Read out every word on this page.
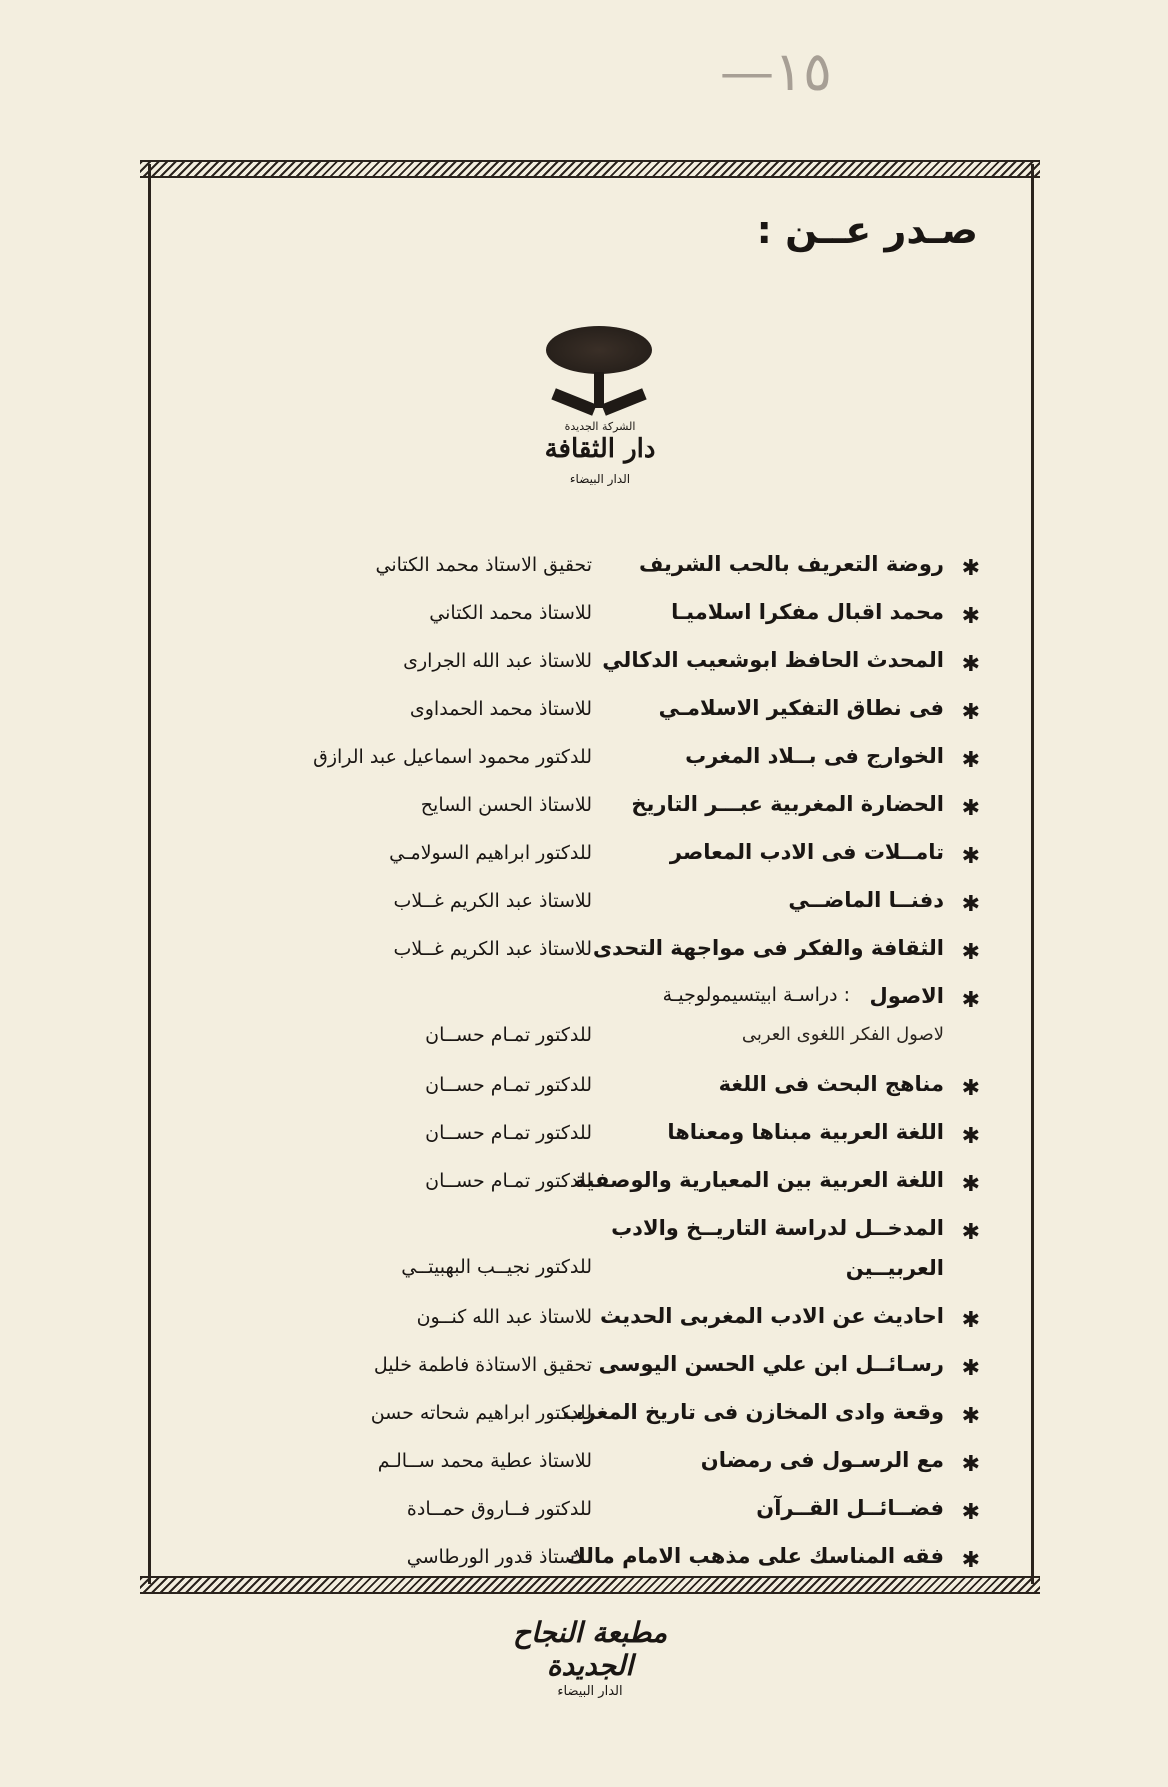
—١٥
صـدر عــن :
الشركة الجديدة
دار الثقافة
الدار البيضاء
✱
روضة التعريف بالحب الشريف
تحقيق الاستاذ محمد الكتاني
✱
محمد اقبال مفكرا اسلاميـا
للاستاذ محمد الكتاني
✱
المحدث الحافظ ابوشعيب الدكالي
للاستاذ عبد الله الجرارى
✱
فى نطاق التفكير الاسلامـي
للاستاذ محمد الحمداوى
✱
الخوارج فى بــلاد المغرب
للدكتور محمود اسماعيل عبد الرازق
✱
الحضارة المغربية عبـــر التاريخ
للاستاذ الحسن السايح
✱
تامــلات فى الادب المعاصر
للدكتور ابراهيم السولامـي
✱
دفنــا الماضــي
للاستاذ عبد الكريم غــلاب
✱
الثقافة والفكر فى مواجهة التحدى
للاستاذ عبد الكريم غــلاب
✱
الاصول
: دراسـة ابيتسيمولوجيـة
لاصول الفكر اللغوى العربى
للدكتور تمـام حســان
✱
مناهج البحث فى اللغة
للدكتور تمـام حســان
✱
اللغة العربية مبناها ومعناها
للدكتور تمـام حســان
✱
اللغة العربية بين المعيارية والوصفية
للدكتور تمـام حســان
✱
المدخــل لدراسة التاريــخ والادب
العربيــين
للدكتور نجيــب البهبيتــي
✱
احاديث عن الادب المغربى الحديث
للاستاذ عبد الله كنــون
✱
رسـائــل ابن علي الحسن اليوسى
تحقيق الاستاذة فاطمة خليل
✱
وقعة وادى المخازن فى تاريخ المغرب
للدكتور ابراهيم شحاته حسن
✱
مع الرسـول فى رمضان
للاستاذ عطية محمد ســالـم
✱
فضــائــل القــرآن
للدكتور فــاروق حمــادة
✱
فقه المناسك على مذهب الامام مالك
للاستاذ قدور الورطاسي
مطبعة النجاح الجديدة
الدار البيضاء
